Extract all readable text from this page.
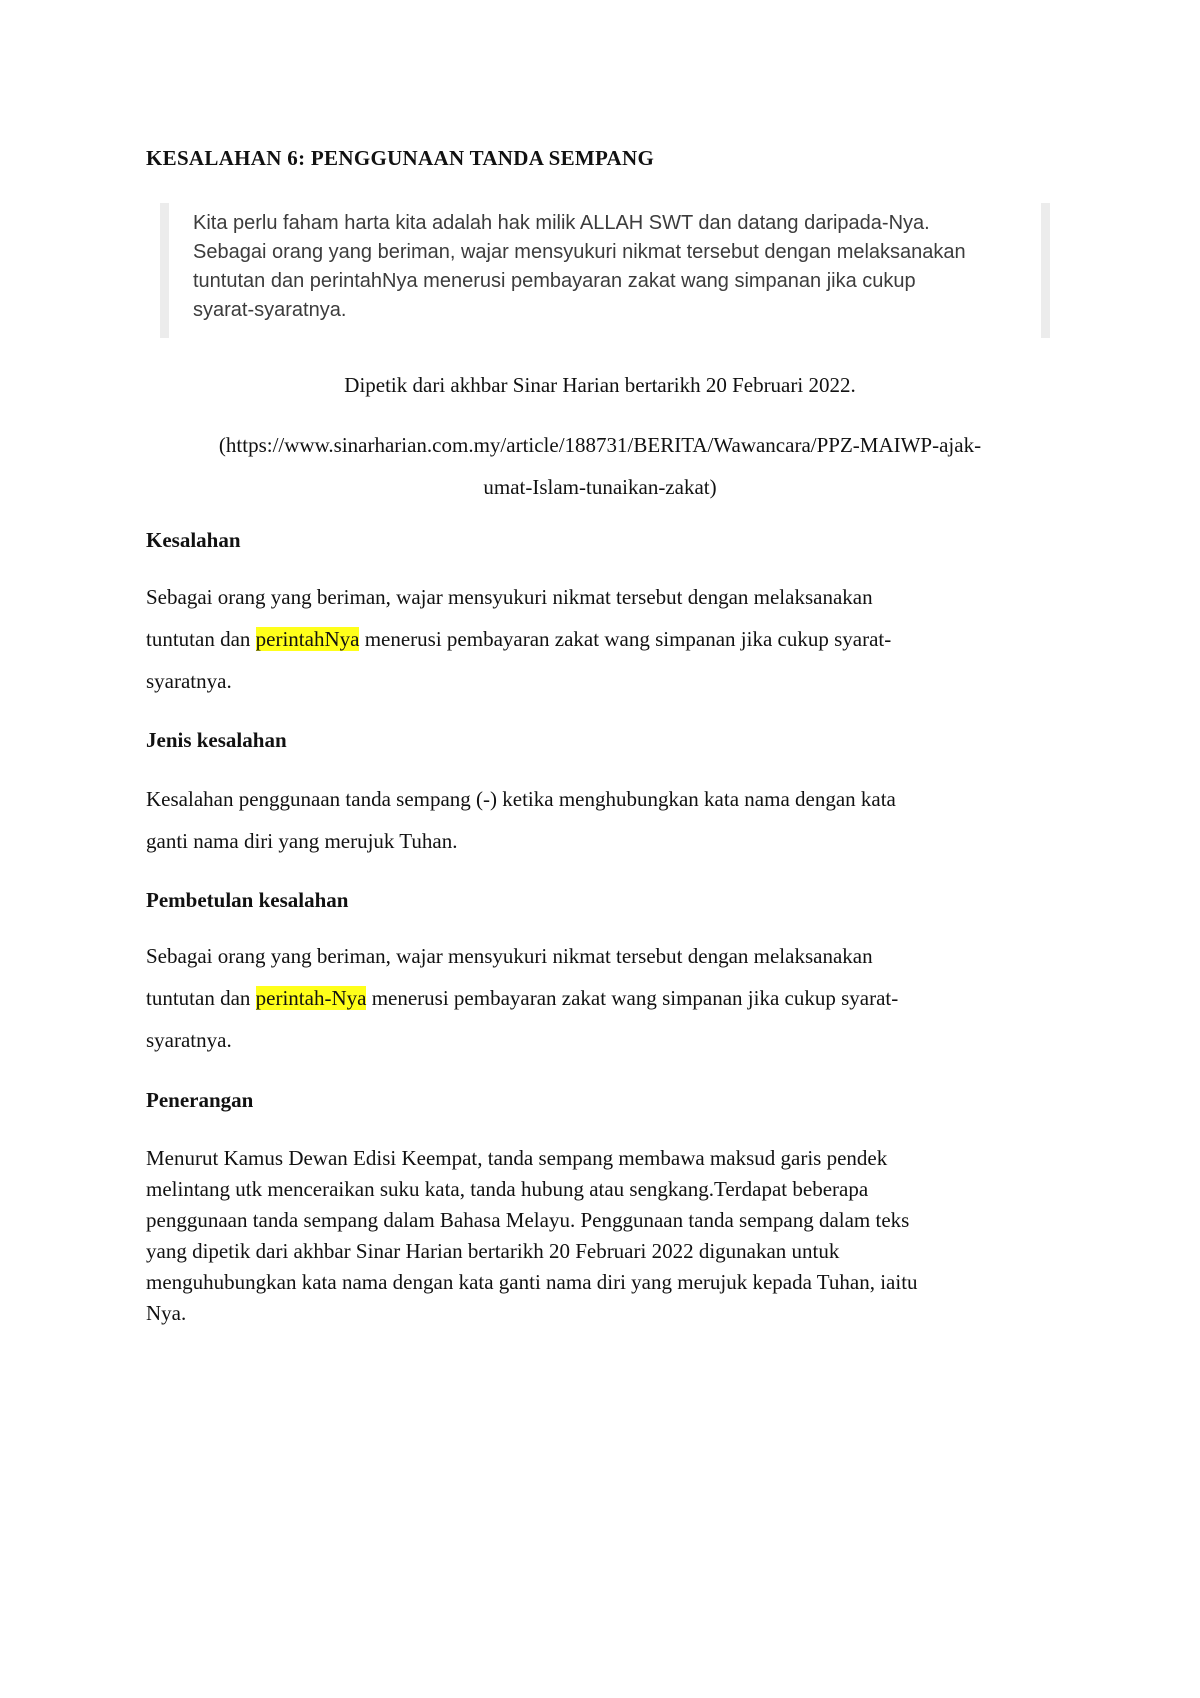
KESALAHAN 6: PENGGUNAAN TANDA SEMPANG

Kita perlu faham harta kita adalah hak milik ALLAH SWT dan datang daripada-Nya.

Sebagai orang yang beriman, wajar mensyukuri nikmat tersebut dengan melaksanakan

tuntutan dan perintahNya menerusi pembayaran zakat wang simpanan jika cukup

syarat-syaratnya.

Dipetik dari akhbar Sinar Harian bertarikh 20 Februari 2022.
(https://www.sinarharian.com.my/article/188731/BERITA/Wawancara/PPZ-MAIWP-ajak-
umat-Islam-tunaikan-zakat)
Kesalahan
Sebagai orang yang beriman, wajar mensyukuri nikmat tersebut dengan melaksanakan
tuntutan dan perintahNya menerusi pembayaran zakat wang simpanan jika cukup syarat-
syaratnya.
Jenis kesalahan
Kesalahan penggunaan tanda sempang (-) ketika menghubungkan kata nama dengan kata
ganti nama diri yang merujuk Tuhan.
Pembetulan kesalahan
Sebagai orang yang beriman, wajar mensyukuri nikmat tersebut dengan melaksanakan
tuntutan dan perintah-Nya menerusi pembayaran zakat wang simpanan jika cukup syarat-
syaratnya.
Penerangan
Menurut Kamus Dewan Edisi Keempat, tanda sempang membawa maksud garis pendek
melintang utk menceraikan suku kata, tanda hubung atau sengkang.Terdapat beberapa
penggunaan tanda sempang dalam Bahasa Melayu. Penggunaan tanda sempang dalam teks
yang dipetik dari akhbar Sinar Harian bertarikh 20 Februari 2022 digunakan untuk
menguhubungkan kata nama dengan kata ganti nama diri yang merujuk kepada Tuhan, iaitu
Nya.
